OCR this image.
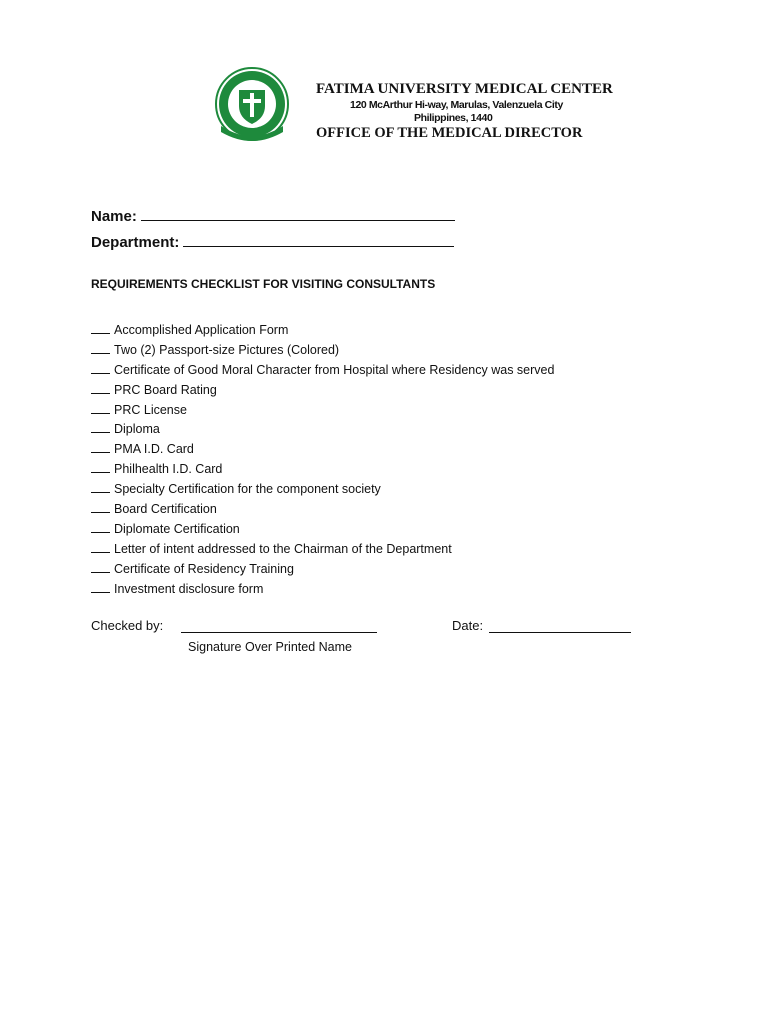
FATIMA UNIVERSITY MEDICAL CENTER
120 McArthur Hi-way, Marulas, Valenzuela City
Philippines, 1440
OFFICE OF THE MEDICAL DIRECTOR
Name:
Department:
REQUIREMENTS CHECKLIST FOR VISITING CONSULTANTS
Accomplished Application Form
Two (2) Passport-size Pictures (Colored)
Certificate of Good Moral Character from Hospital where Residency was served
PRC Board Rating
PRC License
Diploma
PMA I.D. Card
Philhealth I.D. Card
Specialty Certification for the component society
Board Certification
Diplomate Certification
Letter of intent addressed to the Chairman of the Department
Certificate of Residency Training
Investment disclosure form
Checked by:	Date:
Signature Over Printed Name
